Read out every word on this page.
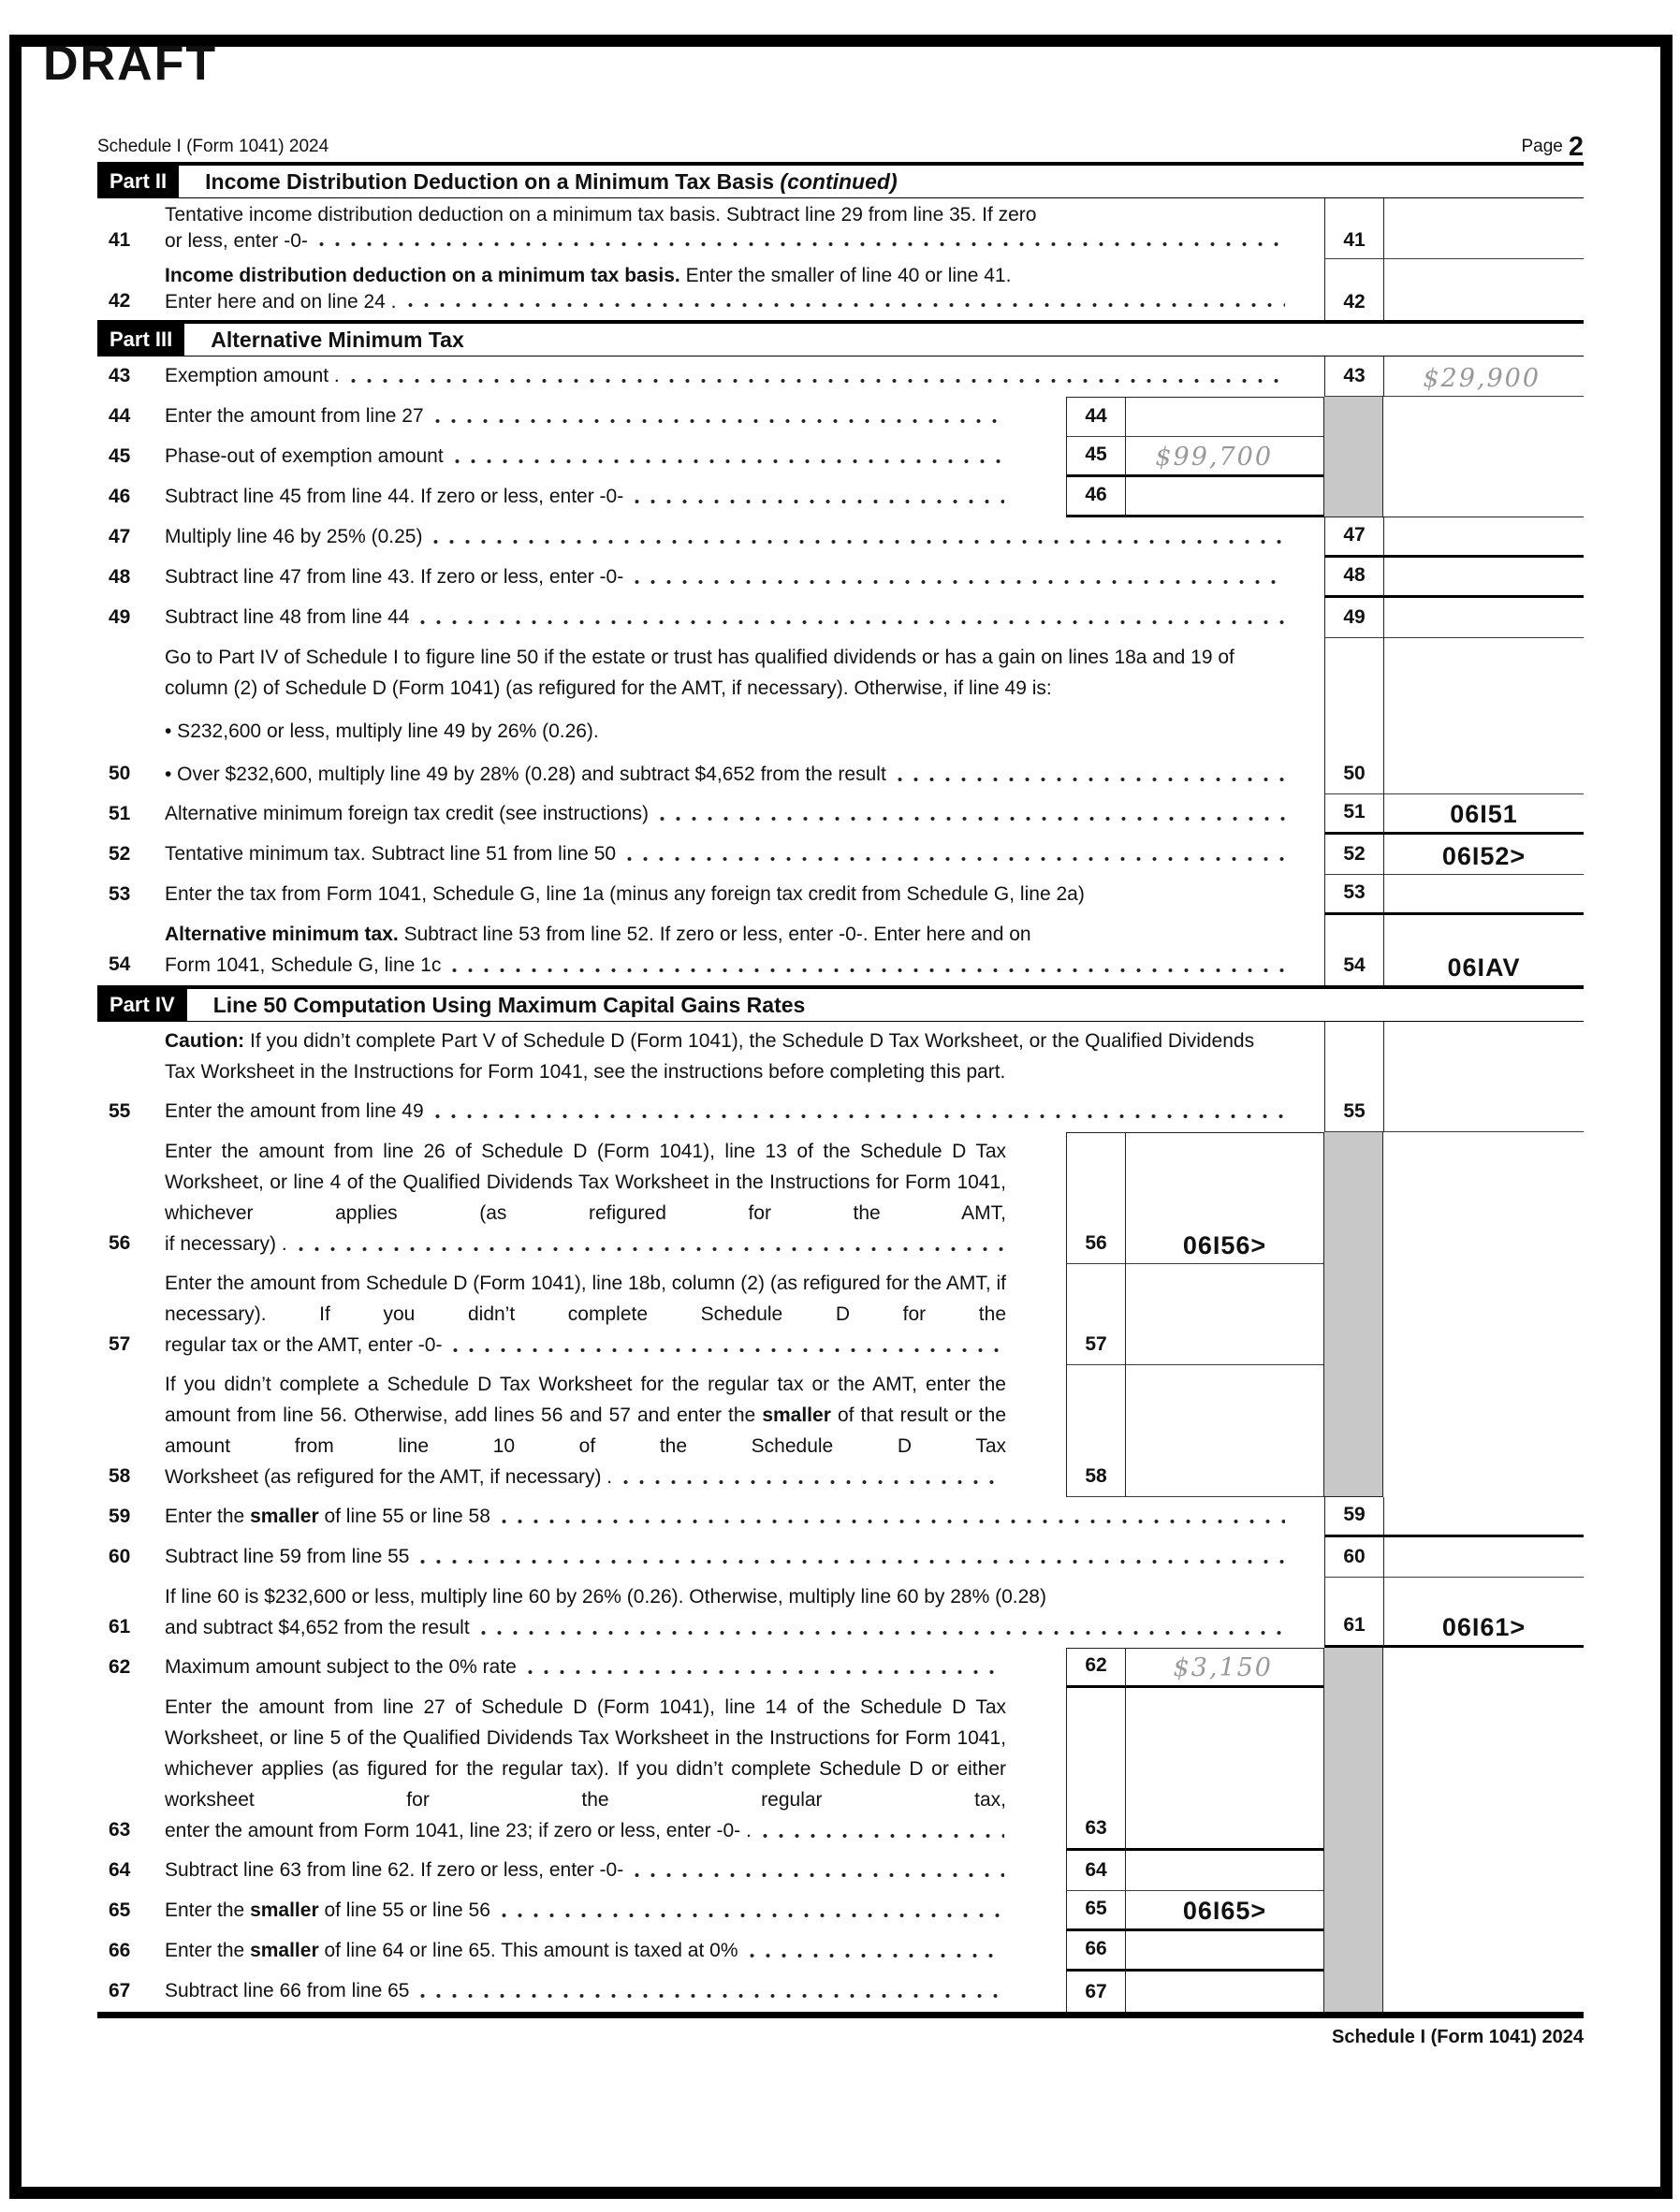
DRAFT
Schedule I (Form 1041) 2024	Page 2
Part II	Income Distribution Deduction on a Minimum Tax Basis (continued)
41
Tentative income distribution deduction on a minimum tax basis. Subtract line 29 from line 35. If zero
or less, enter -0-	41
42
Income distribution deduction on a minimum tax basis. Enter the smaller of line 40 or line 41.
Enter here and on line 24 .	42
Part III	Alternative Minimum Tax
43	Exemption amount .	43 $29,900
44	Enter the amount from line 27	44
45	Phase-out of exemption amount	45 $99,700
46	Subtract line 45 from line 44. If zero or less, enter -0-	46
47	Multiply line 46 by 25% (0.25)	47
48	Subtract line 47 from line 43. If zero or less, enter -0-	48
49	Subtract line 48 from line 44	49
50
Go to Part IV of Schedule I to figure line 50 if the estate or trust has qualified dividends or has a gain on lines 18a and 19 of column (2) of Schedule D (Form 1041) (as refigured for the AMT, if necessary). Otherwise, if line 49 is:
• S232,600 or less, multiply line 49 by 26% (0.26).
• Over $232,600, multiply line 49 by 28% (0.28) and subtract $4,652 from the result	50
51	Alternative minimum foreign tax credit (see instructions)	51	06I51
52	Tentative minimum tax. Subtract line 51 from line 50	52	06I52>
53	Enter the tax from Form 1041, Schedule G, line 1a (minus any foreign tax credit from Schedule G, line 2a)	53
54
Alternative minimum tax. Subtract line 53 from line 52. If zero or less, enter -0-. Enter here and on
Form 1041, Schedule G, line 1c	54	06IAV
Part IV	Line 50 Computation Using Maximum Capital Gains Rates
Caution: If you didn’t complete Part V of Schedule D (Form 1041), the Schedule D Tax Worksheet, or the Qualified Dividends Tax Worksheet in the Instructions for Form 1041, see the instructions before completing this part.
55	Enter the amount from line 49	55
56
Enter the amount from line 26 of Schedule D (Form 1041), line 13 of the Schedule D Tax Worksheet, or line 4 of the Qualified Dividends Tax Worksheet in the Instructions for Form 1041, whichever applies (as refigured for the AMT,
if necessary) .	56	06I56>
57
Enter the amount from Schedule D (Form 1041), line 18b, column (2) (as refigured for the AMT, if necessary). If you didn’t complete Schedule D for the
regular tax or the AMT, enter -0-	57
58
If you didn’t complete a Schedule D Tax Worksheet for the regular tax or the AMT, enter the amount from line 56. Otherwise, add lines 56 and 57 and enter the smaller of that result or the amount from line 10 of the Schedule D Tax
Worksheet (as refigured for the AMT, if necessary) .	58
59	Enter the smaller of line 55 or line 58	59
60	Subtract line 59 from line 55	60
61
If line 60 is $232,600 or less, multiply line 60 by 26% (0.26). Otherwise, multiply line 60 by 28% (0.28)
and subtract $4,652 from the result	61	06I61>
62	Maximum amount subject to the 0% rate	62	$3,150
63
Enter the amount from line 27 of Schedule D (Form 1041), line 14 of the Schedule D Tax Worksheet, or line 5 of the Qualified Dividends Tax Worksheet in the Instructions for Form 1041, whichever applies (as figured for the regular tax). If you didn’t complete Schedule D or either worksheet for the regular tax,
enter the amount from Form 1041, line 23; if zero or less, enter -0- .	63
64	Subtract line 63 from line 62. If zero or less, enter -0-	64
65	Enter the smaller of line 55 or line 56	65	06I65>
66	Enter the smaller of line 64 or line 65. This amount is taxed at 0%	66
67	Subtract line 66 from line 65	67
Schedule I (Form 1041) 2024
